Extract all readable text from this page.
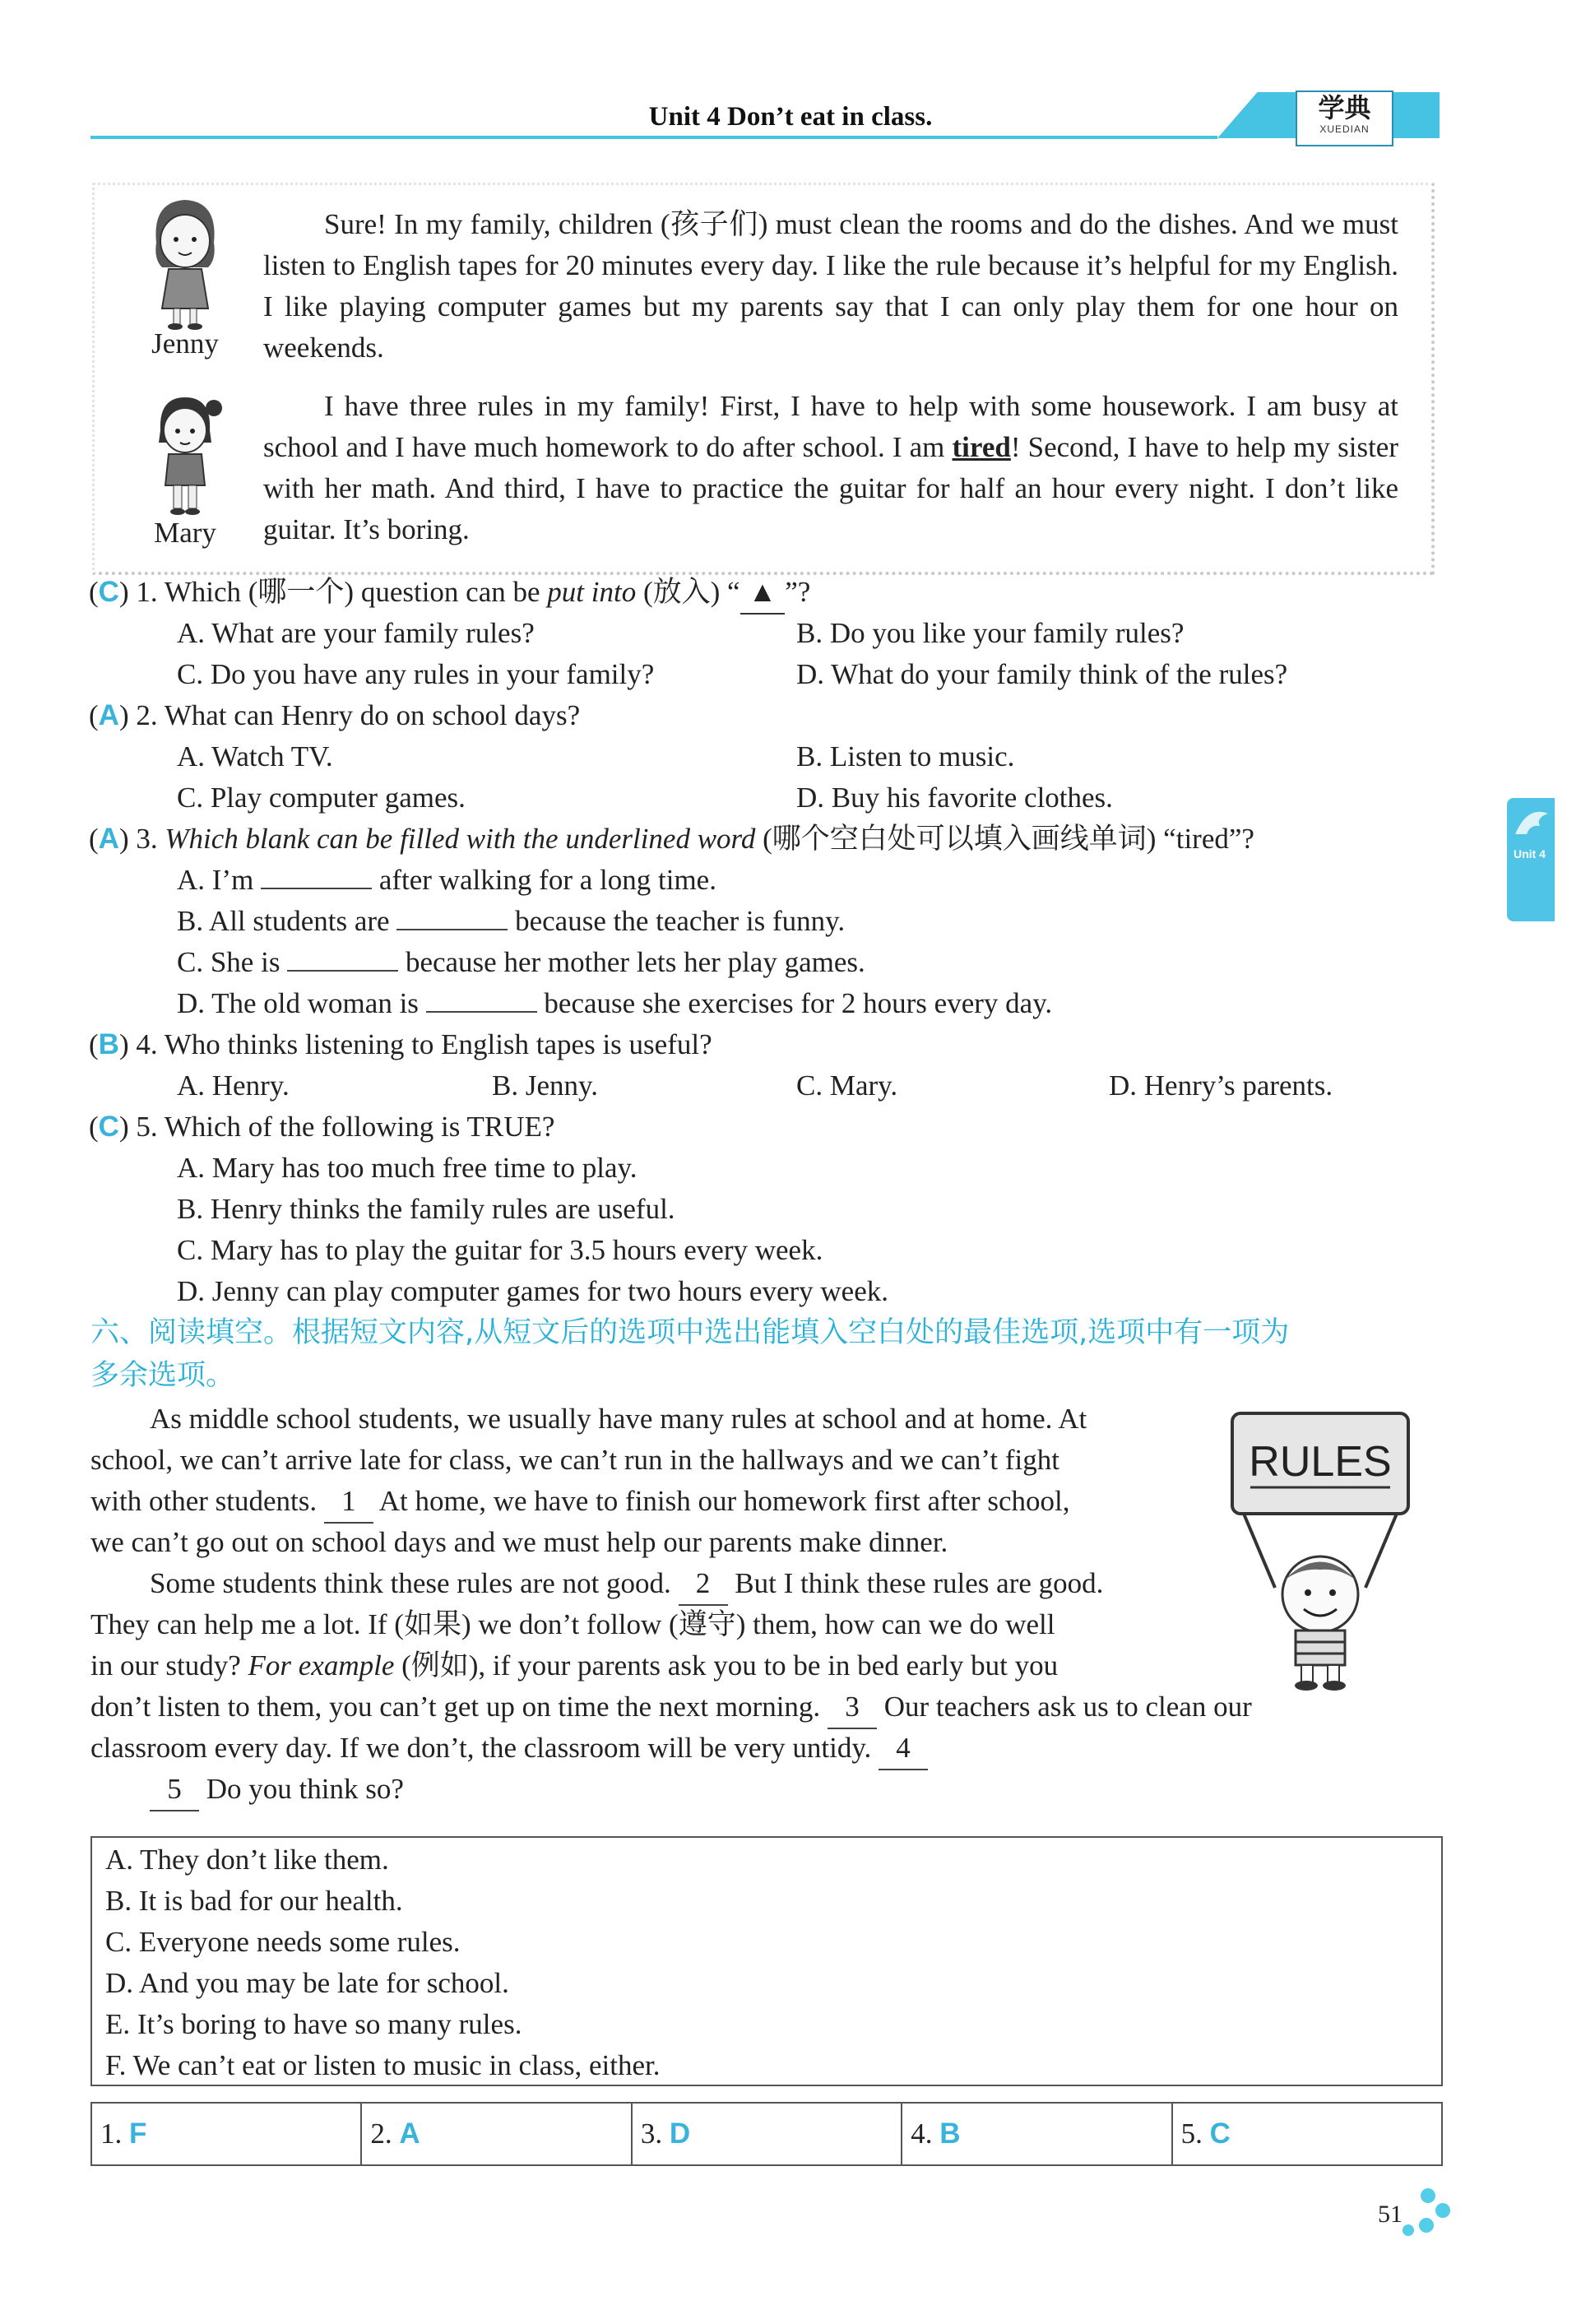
Unit 4 Don’t eat in class.	学典
XUEDIAN
Unit 4
Jenny
Sure! In my family, children (孩子们) must clean the rooms and do the dishes. And we must listen to English tapes for 20 minutes every day. I like the rule because it’s helpful for my English. I like playing computer games but my parents say that I can only play them for one hour on weekends.
Mary
I have three rules in my family! First, I have to help with some housework. I am busy at school and I have much homework to do after school. I am tired! Second, I have to help my sister with her math. And third, I have to practice the guitar for half an hour every night. I don’t like guitar. It’s boring.
(C) 1. Which (哪一个) question can be put into (放入) “ ▲ ”?
A. What are your family rules?	B. Do you like your family rules?
C. Do you have any rules in your family?	D. What do your family think of the rules?
(A) 2. What can Henry do on school days?
A. Watch TV.	B. Listen to music.
C. Play computer games.	D. Buy his favorite clothes.
(A) 3. Which blank can be filled with the underlined word (哪个空白处可以填入画线单词) “tired”?
A. I’m	after walking for a long time.
B. All students are	because the teacher is funny.
C. She is	because her mother lets her play games.
D. The old woman is	because she exercises for 2 hours every day.
(B) 4. Who thinks listening to English tapes is useful?
A. Henry.	B. Jenny.	C. Mary.	D. Henry’s parents.
(C) 5. Which of the following is TRUE?
A. Mary has too much free time to play.
B. Henry thinks the family rules are useful.
C. Mary has to play the guitar for 3.5 hours every week.
D. Jenny can play computer games for two hours every week.
六、阅读填空。根据短文内容,从短文后的选项中选出能填入空白处的最佳选项,选项中有一项为
多余选项。
RULES
As middle school students, we usually have many rules at school and at home. At
school, we can’t arrive late for class, we can’t run in the hallways and we can’t fight
with other students. 1 At home, we have to finish our homework first after school,
we can’t go out on school days and we must help our parents make dinner.
Some students think these rules are not good. 2 But I think these rules are good.
They can help me a lot. If (如果) we don’t follow (遵守) them, how can we do well
in our study? For example (例如), if your parents ask you to be in bed early but you
don’t listen to them, you can’t get up on time the next morning. 3 Our teachers ask us to clean our
classroom every day. If we don’t, the classroom will be very untidy. 4
5 Do you think so?
A. They don’t like them.
B. It is bad for our health.
C. Everyone needs some rules.
D. And you may be late for school.
E. It’s boring to have so many rules.
F. We can’t eat or listen to music in class, either.
1. F	2. A	3. D	4. B	5. C
51
